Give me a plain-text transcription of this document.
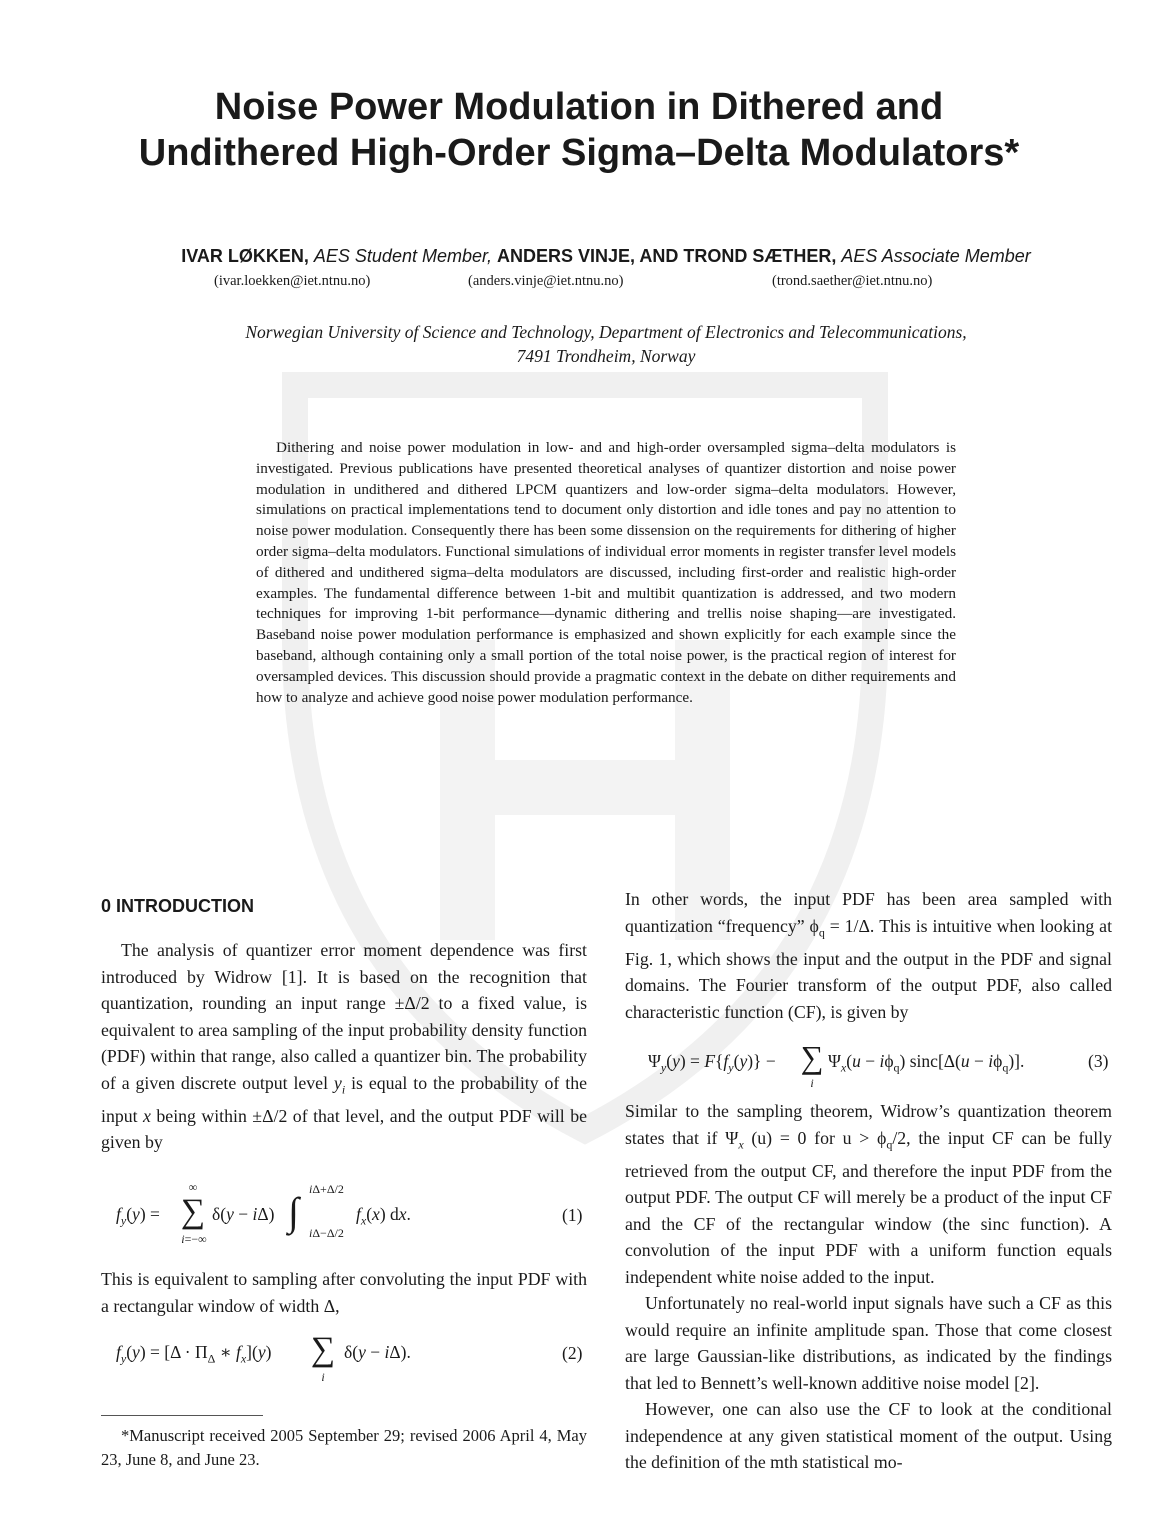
Noise Power Modulation in Dithered and
Undithered High-Order Sigma–Delta Modulators*
IVAR LØKKEN, AES Student Member, ANDERS VINJE, AND TROND SÆTHER, AES Associate Member
(ivar.loekken@iet.ntnu.no)	(anders.vinje@iet.ntnu.no)	(trond.saether@iet.ntnu.no)
Norwegian University of Science and Technology, Department of Electronics and Telecommunications,
7491 Trondheim, Norway
Dithering and noise power modulation in low- and and high-order oversampled sigma–delta modulators is investigated. Previous publications have presented theoretical analyses of quantizer distortion and noise power modulation in undithered and dithered LPCM quantizers and low-order sigma–delta modulators. However, simulations on practical implementations tend to document only distortion and idle tones and pay no attention to noise power modulation. Consequently there has been some dissension on the requirements for dithering of higher order sigma–delta modulators. Functional simulations of individual error moments in register transfer level models of dithered and undithered sigma–delta modulators are discussed, including first-order and realistic high-order examples. The fundamental difference between 1-bit and multibit quantization is addressed, and two modern techniques for improving 1-bit performance—dynamic dithering and trellis noise shaping—are investigated. Baseband noise power modulation performance is emphasized and shown explicitly for each example since the baseband, although containing only a small portion of the total noise power, is the practical region of interest for oversampled devices. This discussion should provide a pragmatic context in the debate on dither requirements and how to analyze and achieve good noise power modulation performance.
0 INTRODUCTION

The analysis of quantizer error moment dependence was first introduced by Widrow [1]. It is based on the recognition that quantization, rounding an input range ±Δ/2 to a fixed value, is equivalent to area sampling of the input probability density function (PDF) within that range, also called a quantizer bin. The probability of a given discrete output level $y_i$ is equal to the probability of the input x being within ±Δ/2 of that level, and the output PDF will be given by

$f_y(y)$ =
∞
∑
i=−∞
δ(y − iΔ) ∫ iΔ+Δ/2
iΔ−Δ/2
$f_x(x)$ dx.	(1)

This is equivalent to sampling after convoluting the input PDF with a rectangular window of width Δ,

$f_y(y) = [\Delta \cdot \Pi_\Delta$ ∗ $f_x](y)$ ∑
i
δ(y − iΔ).	(2)
*Manuscript received 2005 September 29; revised 2006 April 4, May 23, June 8, and June 23.

In other words, the input PDF has been area sampled with quantization “frequency” $\phi_q = 1/\Delta$. This is intuitive when looking at Fig. 1, which shows the input and the output in the PDF and signal domains. The Fourier transform of the output PDF, also called characteristic function (CF), is given by

$\Psi_y(y) = F\{f_y(y)\}$ − ∑
i
$\Psi_x(u - i\phi_q) \sin c[\Delta(u - i\phi_q)]$.	(3)

Similar to the sampling theorem, Widrow’s quantization theorem states that if $\Psi_x$ (u) = 0 for $u > \phi_q/2$, the input CF can be fully retrieved from the output CF, and therefore the input PDF from the output PDF. The output CF will merely be a product of the input CF and the CF of the rectangular window (the sinc function). A convolution of the input PDF with a uniform function equals independent white noise added to the input.

Unfortunately no real-world input signals have such a CF as this would require an infinite amplitude span. Those that come closest are large Gaussian-like distributions, as indicated by the findings that led to Bennett’s well-known additive noise model [2].

However, one can also use the CF to look at the conditional independence at any given statistical moment of the output. Using the definition of the mth statistical mo-
